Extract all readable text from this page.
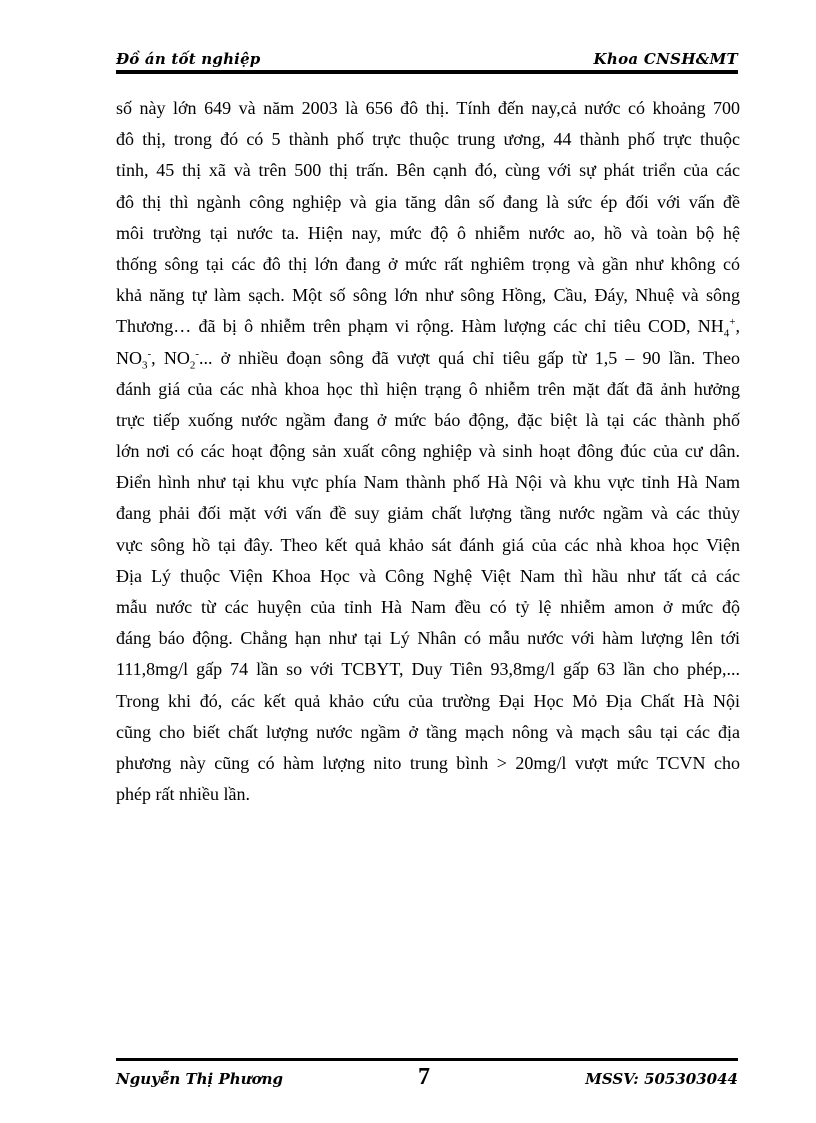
Đồ án tốt nghiệp	Khoa CNSH&MT
số này lớn 649 và năm 2003 là 656 đô thị. Tính đến nay,cả nước có khoảng 700
đô thị, trong đó có 5 thành phố trực thuộc trung ương, 44 thành phố trực thuộc
tỉnh, 45 thị xã và trên 500 thị trấn. Bên cạnh đó, cùng với sự phát triển của các
đô thị thì ngành công nghiệp và gia tăng dân số đang là sức ép đối với vấn đề
môi trường tại nước ta. Hiện nay, mức độ ô nhiễm nước ao, hồ và toàn bộ hệ
thống sông tại các đô thị lớn đang ở mức rất nghiêm trọng và gần như không có
khả năng tự làm sạch. Một số sông lớn như sông Hồng, Cầu, Đáy, Nhuệ và sông
Thương… đã bị ô nhiễm trên phạm vi rộng. Hàm lượng các chỉ tiêu COD, $NH_4^+$,
$NO_3^-$, $NO_2^-$... ở nhiều đoạn sông đã vượt quá chỉ tiêu gấp từ 1,5 – 90 lần. Theo
đánh giá của các nhà khoa học thì hiện trạng ô nhiễm trên mặt đất đã ảnh hưởng
trực tiếp xuống nước ngầm đang ở mức báo động, đặc biệt là tại các thành phố
lớn nơi có các hoạt động sản xuất công nghiệp và sinh hoạt đông đúc của cư dân.
Điển hình như tại khu vực phía Nam thành phố Hà Nội và khu vực tỉnh Hà Nam
đang phải đối mặt với vấn đề suy giảm chất lượng tầng nước ngầm và các thủy
vực sông hồ tại đây. Theo kết quả khảo sát đánh giá của các nhà khoa học Viện
Địa Lý thuộc Viện Khoa Học và Công Nghệ Việt Nam thì hầu như tất cả các
mẫu nước từ các huyện của tỉnh Hà Nam đều có tỷ lệ nhiễm amon ở mức độ
đáng báo động. Chẳng hạn như tại Lý Nhân có mẫu nước với hàm lượng lên tới
111,8mg/l gấp 74 lần so với TCBYT, Duy Tiên 93,8mg/l gấp 63 lần cho phép,...
Trong khi đó, các kết quả khảo cứu của trường Đại Học Mỏ Địa Chất Hà Nội
cũng cho biết chất lượng nước ngầm ở tầng mạch nông và mạch sâu tại các địa
phương này cũng có hàm lượng nito trung bình > 20mg/l vượt mức TCVN cho
phép rất nhiều lần.
Nguyễn Thị Phương	7	MSSV: 505303044
